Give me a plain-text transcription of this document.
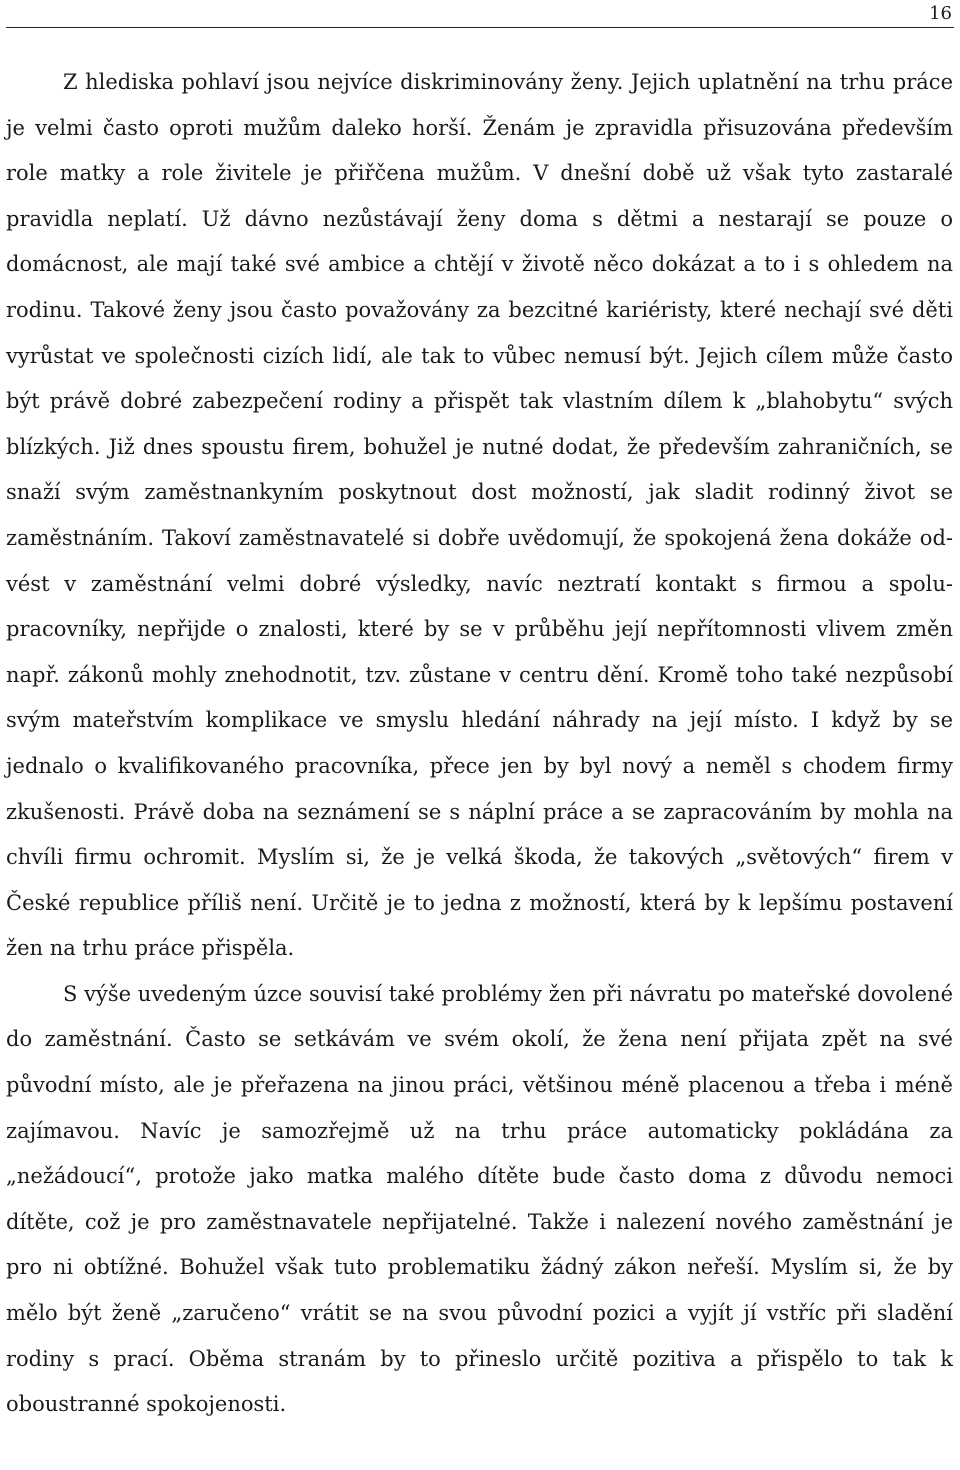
16

Z hlediska pohlaví jsou nejvíce diskriminovány ženy. Jejich uplatnění na trhu práce je velmi často oproti mužům daleko horší. Ženám je zpravidla přisuzována především role matky a role živitele je přiřčena mužům. V dnešní době už však tyto zastaralé pravidla neplatí. Už dávno nezůstávají ženy doma s dětmi a nestarají se pouze o domácnost, ale mají také své ambice a chtějí v životě něco dokázat a to i s ohledem na rodinu. Takové ženy jsou často považovány za bezcitné kariéristy, které nechají své děti vyrůstat ve společnosti cizích lidí, ale tak to vůbec nemusí být. Jejich cílem může často být právě dobré zabezpečení rodiny a přispět tak vlastním dílem k „blahobytu“ svých blízkých. Již dnes spoustu firem, bohužel je nutné dodat, že především zahraničních, se snaží svým zaměstnankyním poskytnout dost možností, jak sladit rodinný život se zaměstnáním. Takoví zaměstnavatelé si dobře uvědomují, že spokojená žena dokáže odvést v zaměstnání velmi dobré výsledky, navíc neztratí kontakt s firmou a spolupracovníky, nepřijde o znalosti, které by se v průběhu její nepřítomnosti vlivem změn např. zákonů mohly znehodnotit, tzv. zůstane v centru dění. Kromě toho také nezpůsobí svým mateřstvím komplikace ve smyslu hledání náhrady na její místo. I když by se jednalo o kvalifikovaného pracovníka, přece jen by byl nový a neměl s chodem firmy zkušenosti. Právě doba na seznámení se s náplní práce a se zapracováním by mohla na chvíli firmu ochromit. Myslím si, že je velká škoda, že takových „světových“ firem v České republice příliš není. Určitě je to jedna z možností, která by k lepšímu postavení žen na trhu práce přispěla.

S výše uvedeným úzce souvisí také problémy žen při návratu po mateřské dovolené do zaměstnání. Často se setkávám ve svém okolí, že žena není přijata zpět na své původní místo, ale je přeřazena na jinou práci, většinou méně placenou a třeba i méně zajímavou. Navíc je samozřejmě už na trhu práce automaticky pokládána za „nežádoucí“, protože jako matka malého dítěte bude často doma z důvodu nemoci dítěte, což je pro zaměstnavatele nepřijatelné. Takže i nalezení nového zaměstnání je pro ni obtížné. Bohužel však tuto problematiku žádný zákon neřeší. Myslím si, že by mělo být ženě „zaručeno“ vrátit se na svou původní pozici a vyjít jí vstříc při sladění rodiny s prací. Oběma stranám by to přineslo určitě pozitiva a přispělo to tak k oboustranné spokojenosti.
